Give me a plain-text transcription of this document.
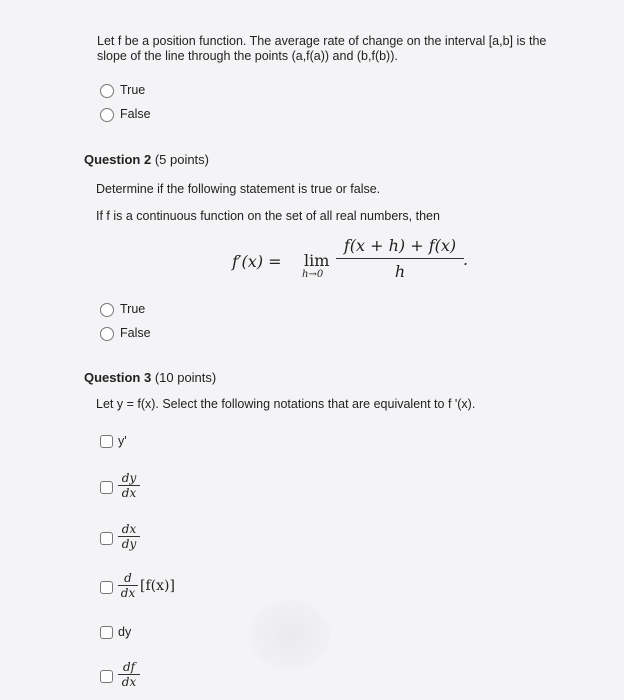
Let f be a position function. The average rate of change on the interval [a,b] is the
slope of the line through the points (a,f(a)) and (b,f(b)).
True
False
Question 2 (5 points)
Determine if the following statement is true or false.
If f is a continuous function on the set of all real numbers, then
f′(x) = lim
h→0
f(x + h) + f(x)
h
.
True
False
Question 3 (10 points)
Let y = f(x). Select the following notations that are equivalent to f '(x).
y'
dy
dx
dx
dy
d
dx [f(x)]
dy
df
dx
